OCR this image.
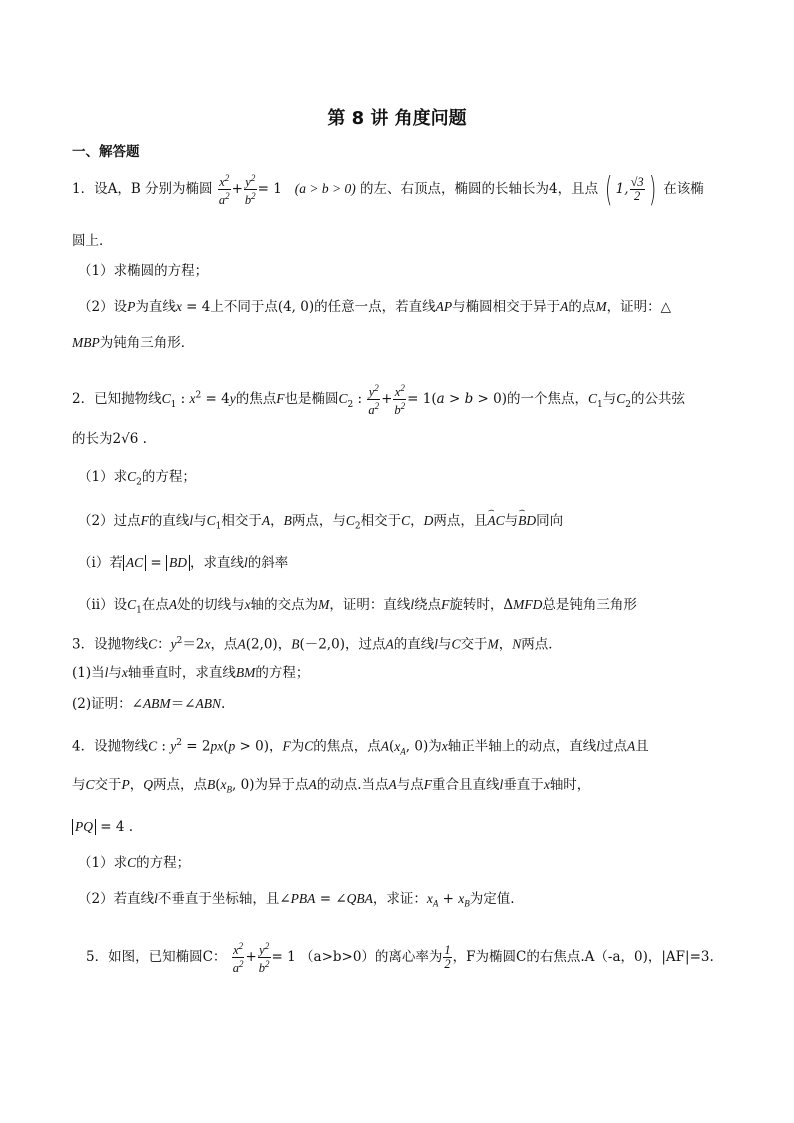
第 8 讲 角度问题
一、解答题
1．设A，B 分别为椭圆 $\frac{x^2}{a^2} + \frac{y^2}{b^2} = 1$   (a > b > 0) 的左、右顶点，椭圆的长轴长为4，且点 ( 1, $\frac{√3}{2}$ ) 在该椭
圆上．
（1）求椭圆的方程；
（2）设P为直线x = 4上不同于点(4, 0)的任意一点，若直线AP与椭圆相交于异于A的点M，证明：△
MBP为钝角三角形．
2．已知抛物线$C_1$ : $x^2 = 4y$的焦点F也是椭圆$C_2$ : $\frac{y^2}{a^2} + \frac{x^2}{b^2} = 1(a > b > 0)$的一个焦点，$C_1$与$C_2$的公共弦
的长为2√6 .
（1）求$C_2$的方程；
（2）过点F的直线l与$C_1$相交于A，B两点，与$C_2$相交于C，D两点，且⌢ AC与⌢ BD同向
（ⅰ）若 AC = BD ，求直线l的斜率
（ⅱ）设$C_1$在点A处的切线与x轴的交点为M，证明：直线l绕点F旋转时，ΔMFD总是钝角三角形
3．设抛物线C：$y^2=2x$，点A(2,0)，B(－2,0)，过点A的直线l与C交于M，N两点．
(1)当l与x轴垂直时，求直线BM的方程；
(2)证明：∠ABM＝∠ABN.
4．设抛物线C : $y^2 = 2px(p > 0)$，F为C的焦点，点$A(x_A$, 0)为x轴正半轴上的动点，直线l过点A且
与C交于P，Q两点，点$B(x_B$, 0)为异于点A的动点.当点A与点F重合且直线l垂直于x轴时，
PQ = 4 .
（1）求C的方程；
（2）若直线l不垂直于坐标轴，且∠PBA = ∠QBA，求证：$x_A + x_B$为定值.
5．如图，已知椭圆C： $\frac{x^2}{a^2} + \frac{y^2}{b^2} = 1$ （a>b>0）的离心率为 $\frac{1}{2}$ ，F为椭圆C的右焦点.A（-a，0)，|AF|=3.
